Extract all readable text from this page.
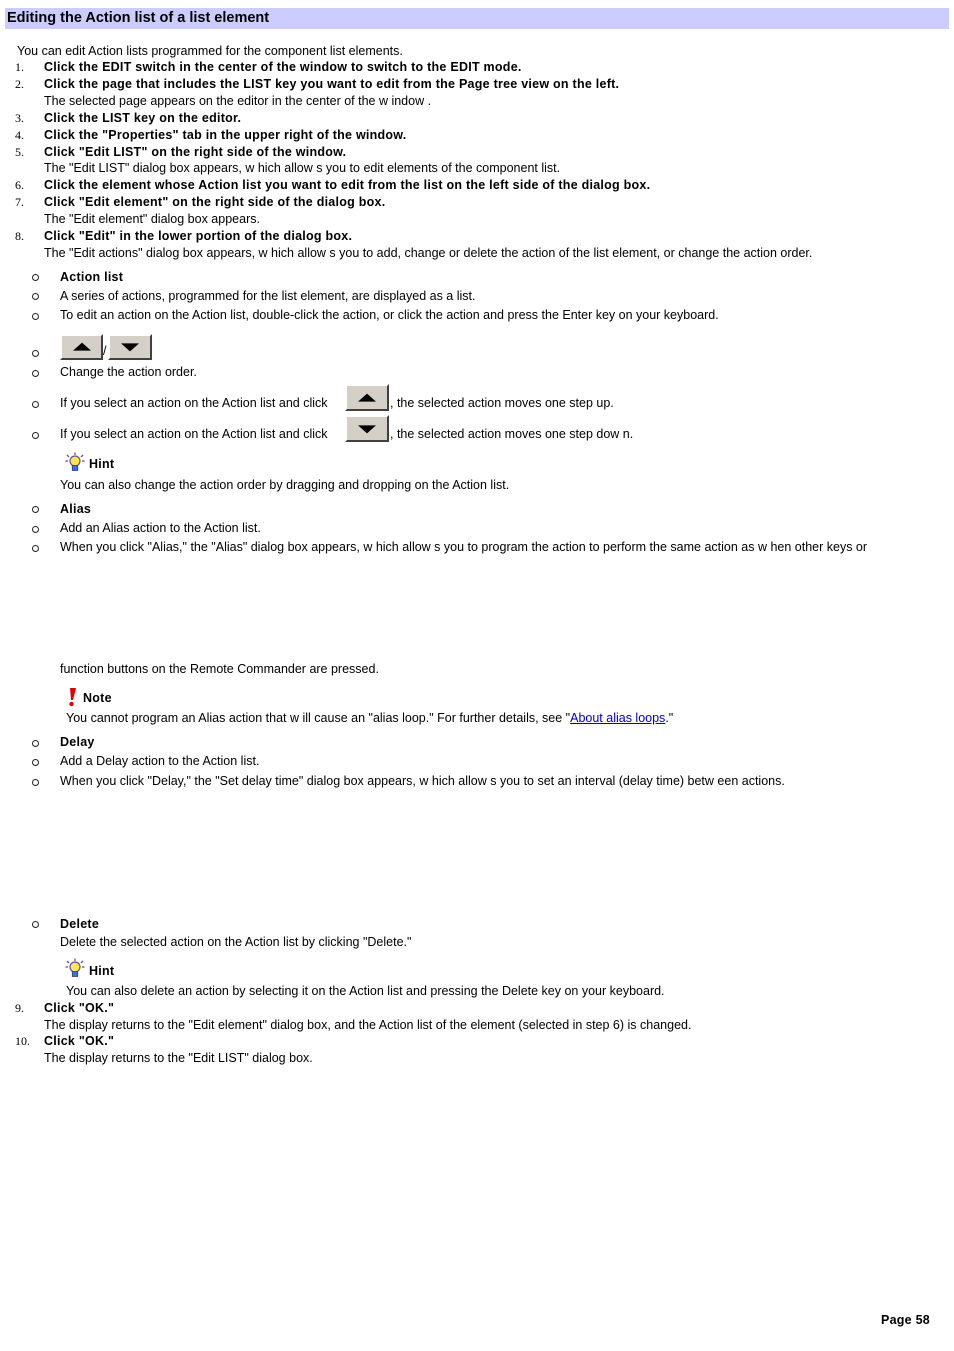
Editing the Action list of a list element
You can edit Action lists programmed for the component list elements.
1. Click the EDIT switch in the center of the window to switch to the EDIT mode.
2. Click the page that includes the LIST key you want to edit from the Page tree view on the left.
The selected page appears on the editor in the center of the w indow .
3. Click the LIST key on the editor.
4. Click the "Properties" tab in the upper right of the window.
5. Click "Edit LIST" on the right side of the window.
The "Edit LIST" dialog box appears, w hich allow s you to edit elements of the component list.
6. Click the element whose Action list you want to edit from the list on the left side of the dialog box.
7. Click "Edit element" on the right side of the dialog box.
The "Edit element" dialog box appears.
8. Click "Edit" in the lower portion of the dialog box.
The "Edit actions" dialog box appears, w hich allow s you to add, change or delete the action of the list element, or change the action order.
Action list
A series of actions, programmed for the list element, are displayed as a list.
To edit an action on the Action list, double-click the action, or click the action and press the Enter key on your keyboard.
/
Change the action order.
If you select an action on the Action list and click	, the selected action moves one step up.
If you select an action on the Action list and click	, the selected action moves one step dow n.
Hint
You can also change the action order by dragging and dropping on the Action list.
Alias
Add an Alias action to the Action list.
When you click "Alias," the "Alias" dialog box appears, w hich allow s you to program the action to perform the same action as w hen other keys or
function buttons on the Remote Commander are pressed.
Note
You cannot program an Alias action that w ill cause an "alias loop." For further details, see "About alias loops."
Delay
Add a Delay action to the Action list.
When you click "Delay," the "Set delay time" dialog box appears, w hich allow s you to set an interval (delay time) betw een actions.
Delete
Delete the selected action on the Action list by clicking "Delete."
Hint
You can also delete an action by selecting it on the Action list and pressing the Delete key on your keyboard.
9. Click "OK."
The display returns to the "Edit element" dialog box, and the Action list of the element (selected in step 6) is changed.
10. Click "OK."
The display returns to the "Edit LIST" dialog box.
Page 58
